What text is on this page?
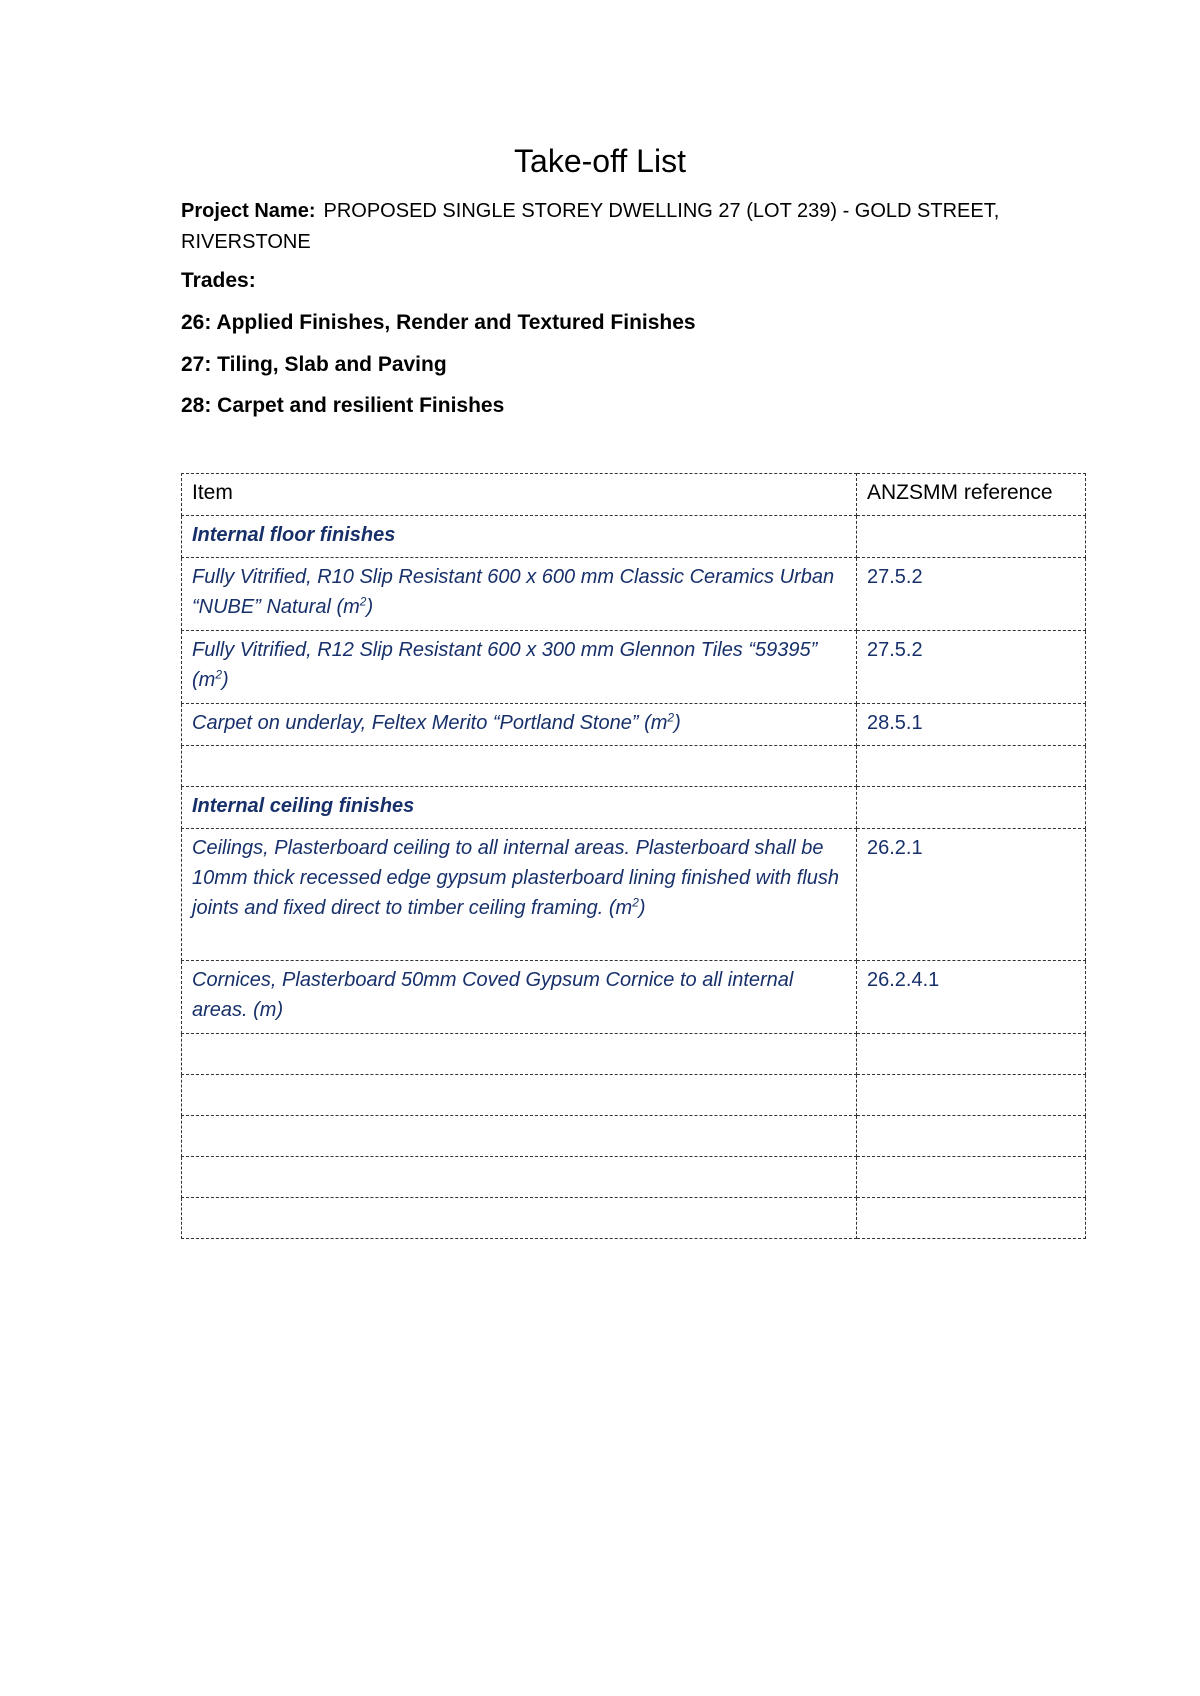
Take-off List
Project Name: PROPOSED SINGLE STOREY DWELLING 27 (LOT 239) - GOLD STREET, RIVERSTONE
Trades:
26: Applied Finishes, Render and Textured Finishes
27: Tiling, Slab and Paving
28: Carpet and resilient Finishes
Item	ANZSMM reference
Internal floor finishes	
Fully Vitrified, R10 Slip Resistant 600 x 600 mm Classic Ceramics Urban “NUBE” Natural $(m^2)$	27.5.2
Fully Vitrified, R12 Slip Resistant 600 x 300 mm Glennon Tiles “59395” $(m^2)$	27.5.2
Carpet on underlay, Feltex Merito “Portland Stone” $(m^2)$	28.5.1

Internal ceiling finishes	
Ceilings, Plasterboard ceiling to all internal areas. Plasterboard shall be 10mm thick recessed edge gypsum plasterboard lining finished with flush joints and fixed direct to timber ceiling framing. $(m^2)$	26.2.1
Cornices, Plasterboard 50mm Coved Gypsum Cornice to all internal areas. (m)	26.2.4.1
